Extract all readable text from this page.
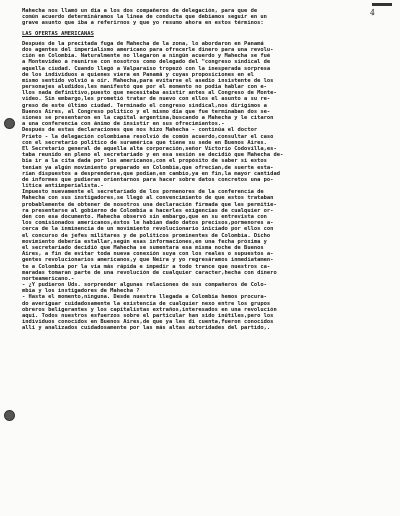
4
Mahecha nos llamó un día a los dos compañeros de delegación, para que de
común acuerdo determináramos la línea de conducta que debíamos seguir en un
grave asunto que iba a referirnos y que yo resumo ahora en estos términos:
LAS OFERTAS AMERICANAS
Después de la precitada fuga de Mahecha de la zona, lo abordaron en Panamá
dos agentes del imperialismo americano para ofrecerle dinero para una revolu-
ción en Colombia. Naturalmente no llegaron a ningún acuerdo y Mahecha se fué
a Montevideo a reunirse con nosotros como delegado del "congreso sindical de
aquella ciudad. Cuando llegó a Valparaíso tropezó con la inesperada sorpresa
de los individuos a quienes viera en Panamá y cuyas proposiciones en el
mismo sentido volvió a oír. Mahecha,para evitarse el asedio insistente de los
personajes aludidos,les manifestó que por el momento no podía hablar con e-
llos nada definitivo,puesto que necesitaba asistir antes al Congreso de Monte-
video. Sin embargo,les prometió tratar de nuevo con ellos el asunto a su re-
greso de este último ciudad. Terminado el congreso sindical,nos dirigimos a
Buenos Aires, al Congreso político y el mismo día que fue terminaban dos se-
siones se presentaron en la capital argentina,buscando a Mahecha y le citaron
a una conferencia con ánimo de insistir en sus ofrecimientos.-
Después de estas declaraciones que nos hizo Mahecha - continúa el doctor
Prieto - la delegación colombiana resolvió de común acuerdo,consultar el caso
con el secretario político de suramérica que tiene su sede en Buenos Aires.
El Secretario general de aquella alta corporación,señor Victorio Codovilla,es-
taba reunido en pleno el secretariado y en esa sesión se decidió que Mahecha de-
bía ir a la cita dada por los americanos,con el propósito de saber si estos
tenían ya algún movimiento preparado en Colombia,que ofrecían,de suerte esta-
rían dispuestos a desprenderse,que podían,en cambio,ya en fin,la mayor cantidad
de informes que pudieran orientarnos para hacer sobre datos concretos una po-
lítica antiimperialista.-
Impuesto nuevamente el secretariado de los pormenores de la conferencia de
Mahecha con sus instigadores,se llegó al convencimiento de que estos trataban
probablemente de obtener de nosotros una declaración firmada que les permitie-
ra presentarse al gobierno de Colombia a hacerles exigencias de cualquier or-
den con esa documento. Mahecha observó sin embargo,que en su entrevista con
los comisionados americanos,éstos le habían dado datos precisos,pormenores a-
cerca de la inminencia de un movimiento revolucionario iniciado por ellos con
el concurso de jefes militares y de políticos prominentes de Colombia. Dicho
movimiento debería estallar,según esas informaciones,en una fecha próxima y
el secretariado decidió que Mahecha se sumentara esa misma noche de Buenos
Aires, a fin de evitar toda nueva conexión suya con los reales o supuestos a-
gentes revolucionarios americanos,y que Neira y yo regresáramos inmediatamen-
te a Colombia por la vía más rápida e impedir a todo trance que nuestros ca-
maradas tomaran parte de una revolución de cualquier caracter,hecha con dinero
norteamericano.-
- ¿Y pudieron Uds. sorprender algunas relaciones de sus compañeros de Colo-
mbia y los instigadores de Mahecha ?
- Hasta el momento,ninguna. Desde nuestra llegada a Colombia hemos procura-
do averiguar cuidadosamente la existencia de cualquier nexo entre los grupos
obreros beligerantes y los capitalistas extraños,interesados en una revolución
aquí. Todos nuestros esfuerzos sobre el particular han sido inútiles,pero los
individuos conocidos en Buenos Aires,de que ya les di cuenta,fueron conocidos
allí y analizados cuidadosamente por las más altas autoridades del partido,.
